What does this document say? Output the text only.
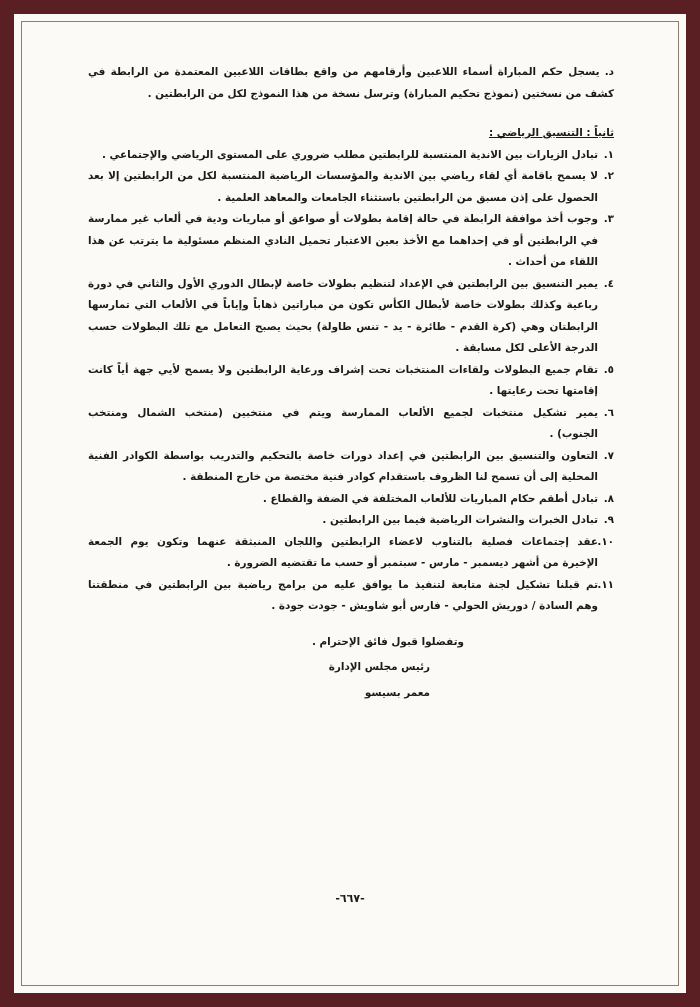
د. يسجل حكم المباراة أسماء اللاعبين وأرقامهم من واقع بطاقات اللاعبين المعتمدة من الرابطة في
كشف من نسختين (نموذج تحكيم المباراة) وترسل نسخة من هذا النموذج لكل من الرابطتين .
ثانياً : التنسيق الرياضي :
١.
تبادل الزيارات بين الاندية المنتسبة للرابطتين مطلب ضروري على المستوى الرياضي والإجتماعي .
٢.
لا يسمح باقامة أي لقاء رياضي بين الاندية والمؤسسات الرياضية المنتسبة لكل من الرابطتين إلا بعد
الحصول على إذن مسبق من الرابطتين باستثناء الجامعات والمعاهد العلمية .
٣.
وجوب أخذ موافقة الرابطة في حالة إقامة بطولات أو صواعق أو مباريات ودية في ألعاب غير ممارسة
في الرابطتين أو في إحداهما مع الأخذ بعين الاعتبار تحميل النادي المنظم مسئولية ما يترتب عن هذا
اللقاء من أحداث .
٤.
يمير التنسيق بين الرابطتين في الإعداد لتنظيم بطولات خاصة لإبطال الدوري الأول والثاني في دورة
رباعية وكذلك بطولات خاصة لأبطال الكأس تكون من مباراتين ذهاباً وإياباً في الألعاب التي تمارسها
الرابطتان وهي (كرة القدم - طائرة - يد - تنس طاولة) بحيث يصبح التعامل مع تلك البطولات حسب
الدرجة الأعلى لكل مسابقة .
٥.
تقام جميع البطولات ولقاءات المنتخبات تحت إشراف ورعاية الرابطتين ولا يسمح لأيي جهة أياً كانت
إقامتها تحت رعايتها .
٦.
يمير تشكيل منتخبات لجميع الألعاب الممارسة ويتم في منتخبين (منتخب الشمال ومنتخب
الجنوب) .
٧.
التعاون والتنسيق بين الرابطتين في إعداد دورات خاصة بالتحكيم والتدريب بواسطة الكوادر الفنية
المحلية إلى أن تسمح لنا الظروف باستقدام كوادر فنية مختصة من خارج المنطقة .
٨.
تبادل أطقم حكام المباريات للألعاب المختلفة في الضفة والقطاع .
٩.
تبادل الخبرات والنشرات الرياضية فيما بين الرابطتين .
١٠.
عقد إجتماعات فصلية بالتناوب لاعضاء الرابطتين واللجان المنبثقة عنهما وتكون يوم الجمعة
الإخيرة من أشهر ديسمبر - مارس - سبتمبر أو حسب ما تقتضيه الضرورة .
١١.
تم قبلنا تشكيل لجنة متابعة لتنفيذ ما يوافق عليه من برامج رياضية بين الرابطتين في منطقتنا
وهم السادة / دوريش الحولي - فارس أبو شاويش - جودت جودة .
وتفضلوا قبول فائق الإحترام .
رئيس مجلس الإدارة
معمر بسيسو
-٦٦٧-
